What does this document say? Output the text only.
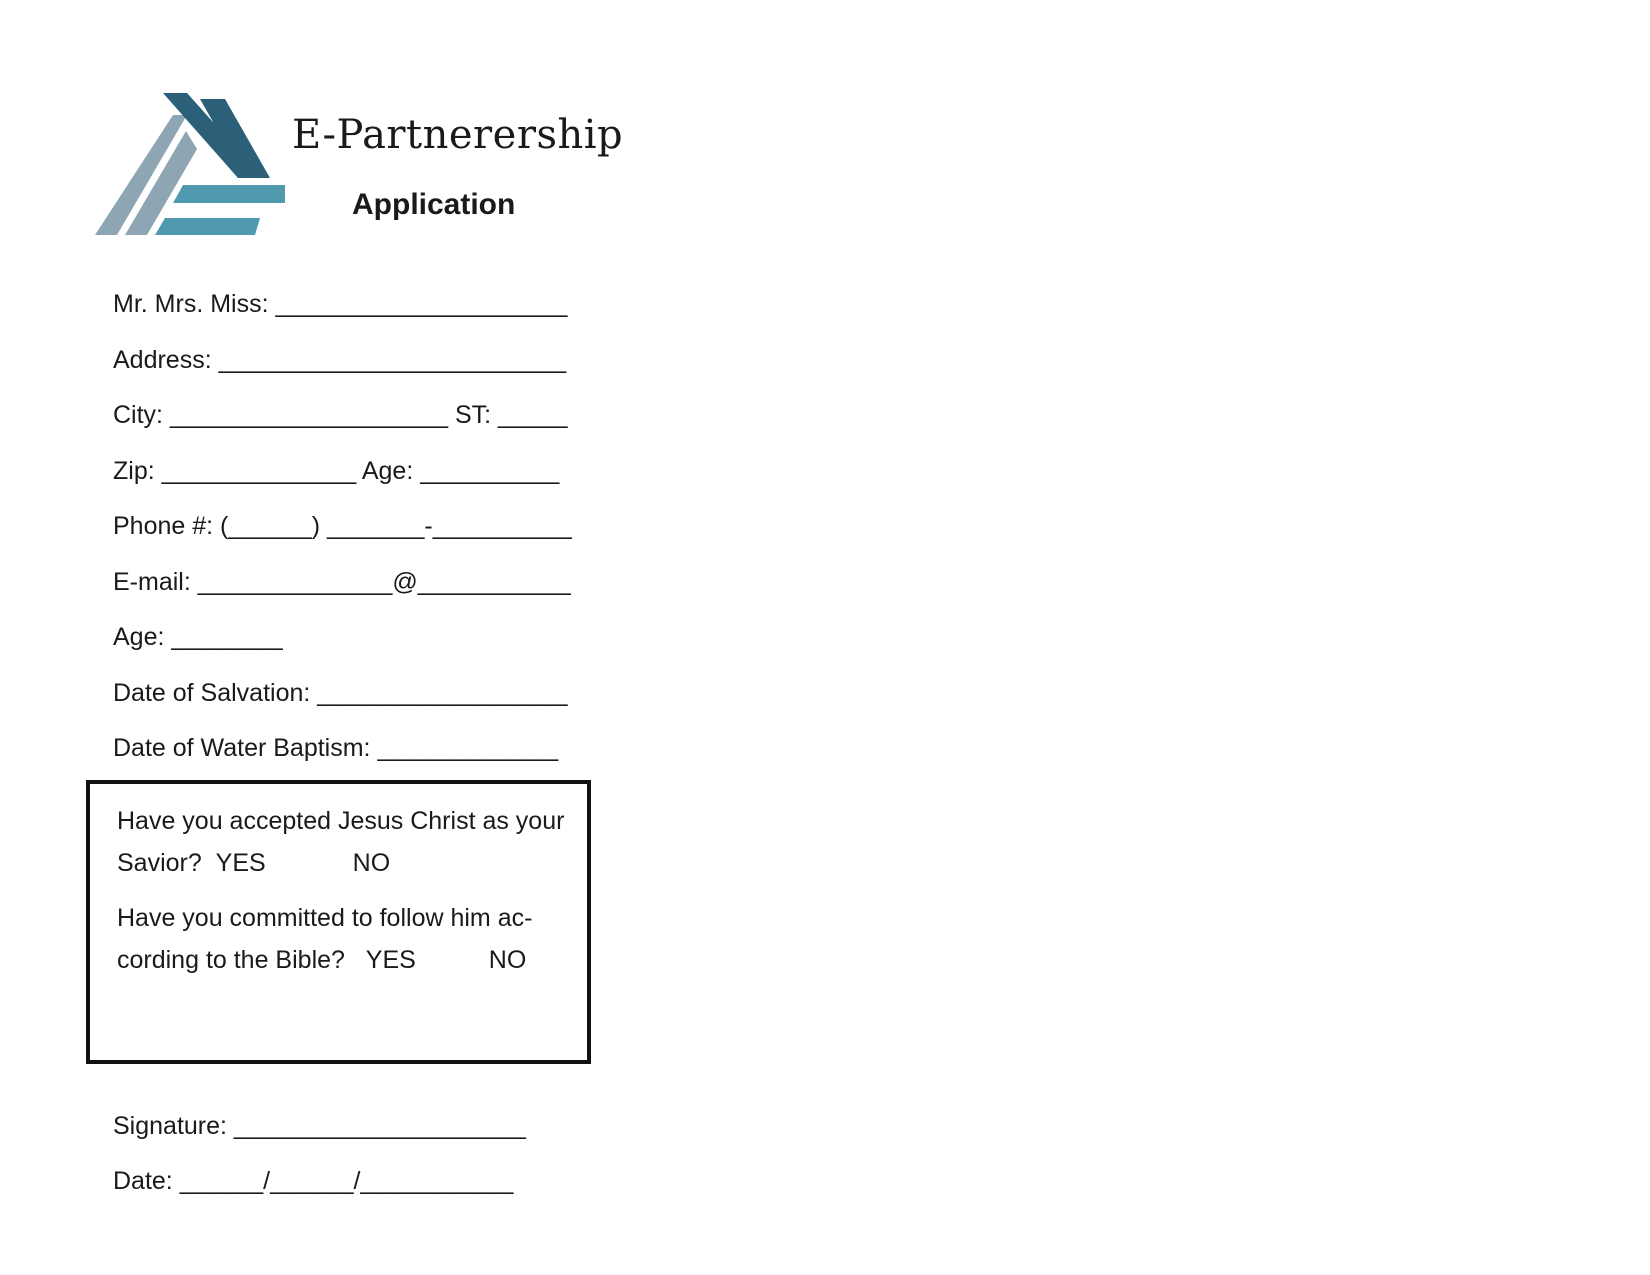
E-Partnerership
Application
Mr. Mrs. Miss: _____________________
Address: _________________________
City: ____________________ ST: _____
Zip: ______________ Age: __________
Phone #: (______) _______-__________
E-mail: ______________@___________
Age: ________
Date of Salvation: __________________
Date of Water Baptism: _____________
Have you accepted Jesus Christ as your Savior? YES	NO
Have you committed to follow him ac-cording to the Bible? YES	NO
Signature: _____________________
Date: ______/______/___________
